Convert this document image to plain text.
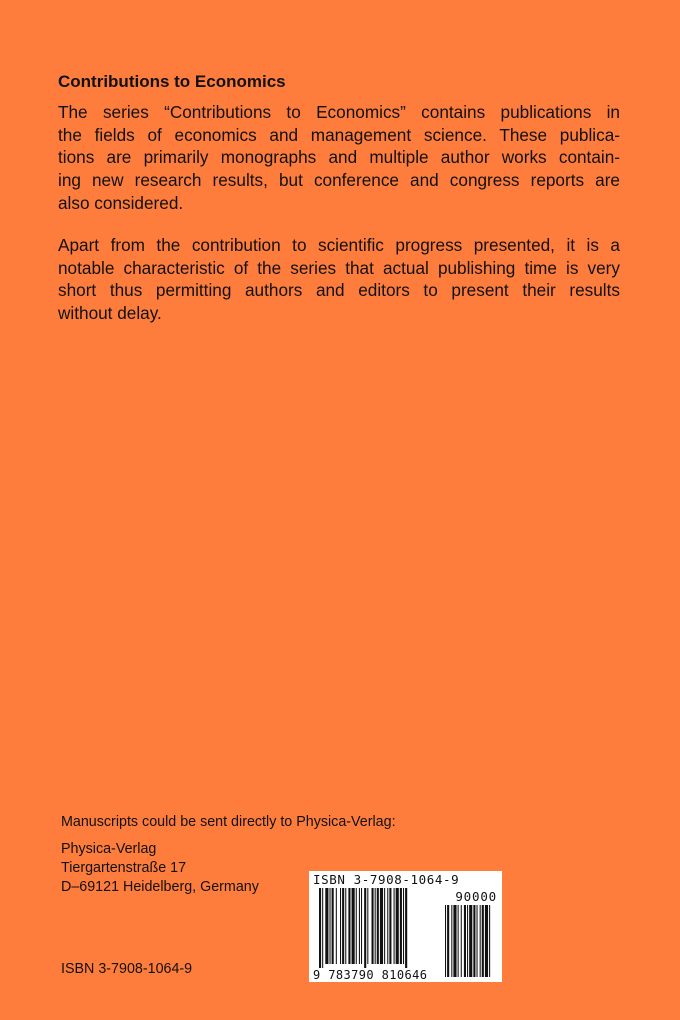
Contributions to Economics

The series “Contributions to Economics” contains publications in
the fields of economics and management science. These publica-
tions are primarily monographs and multiple author works contain-
ing new research results, but conference and congress reports are
also considered.

Apart from the contribution to scientific progress presented, it is a
notable characteristic of the series that actual publishing time is very
short thus permitting authors and editors to present their results
without delay.

Manuscripts could be sent directly to Physica-Verlag:

Physica-Verlag
Tiergartenstraße 17
D–69121 Heidelberg, Germany

ISBN 3-7908-1064-9

ISBN 3-7908-1064-9
90000
9 783790 810646
